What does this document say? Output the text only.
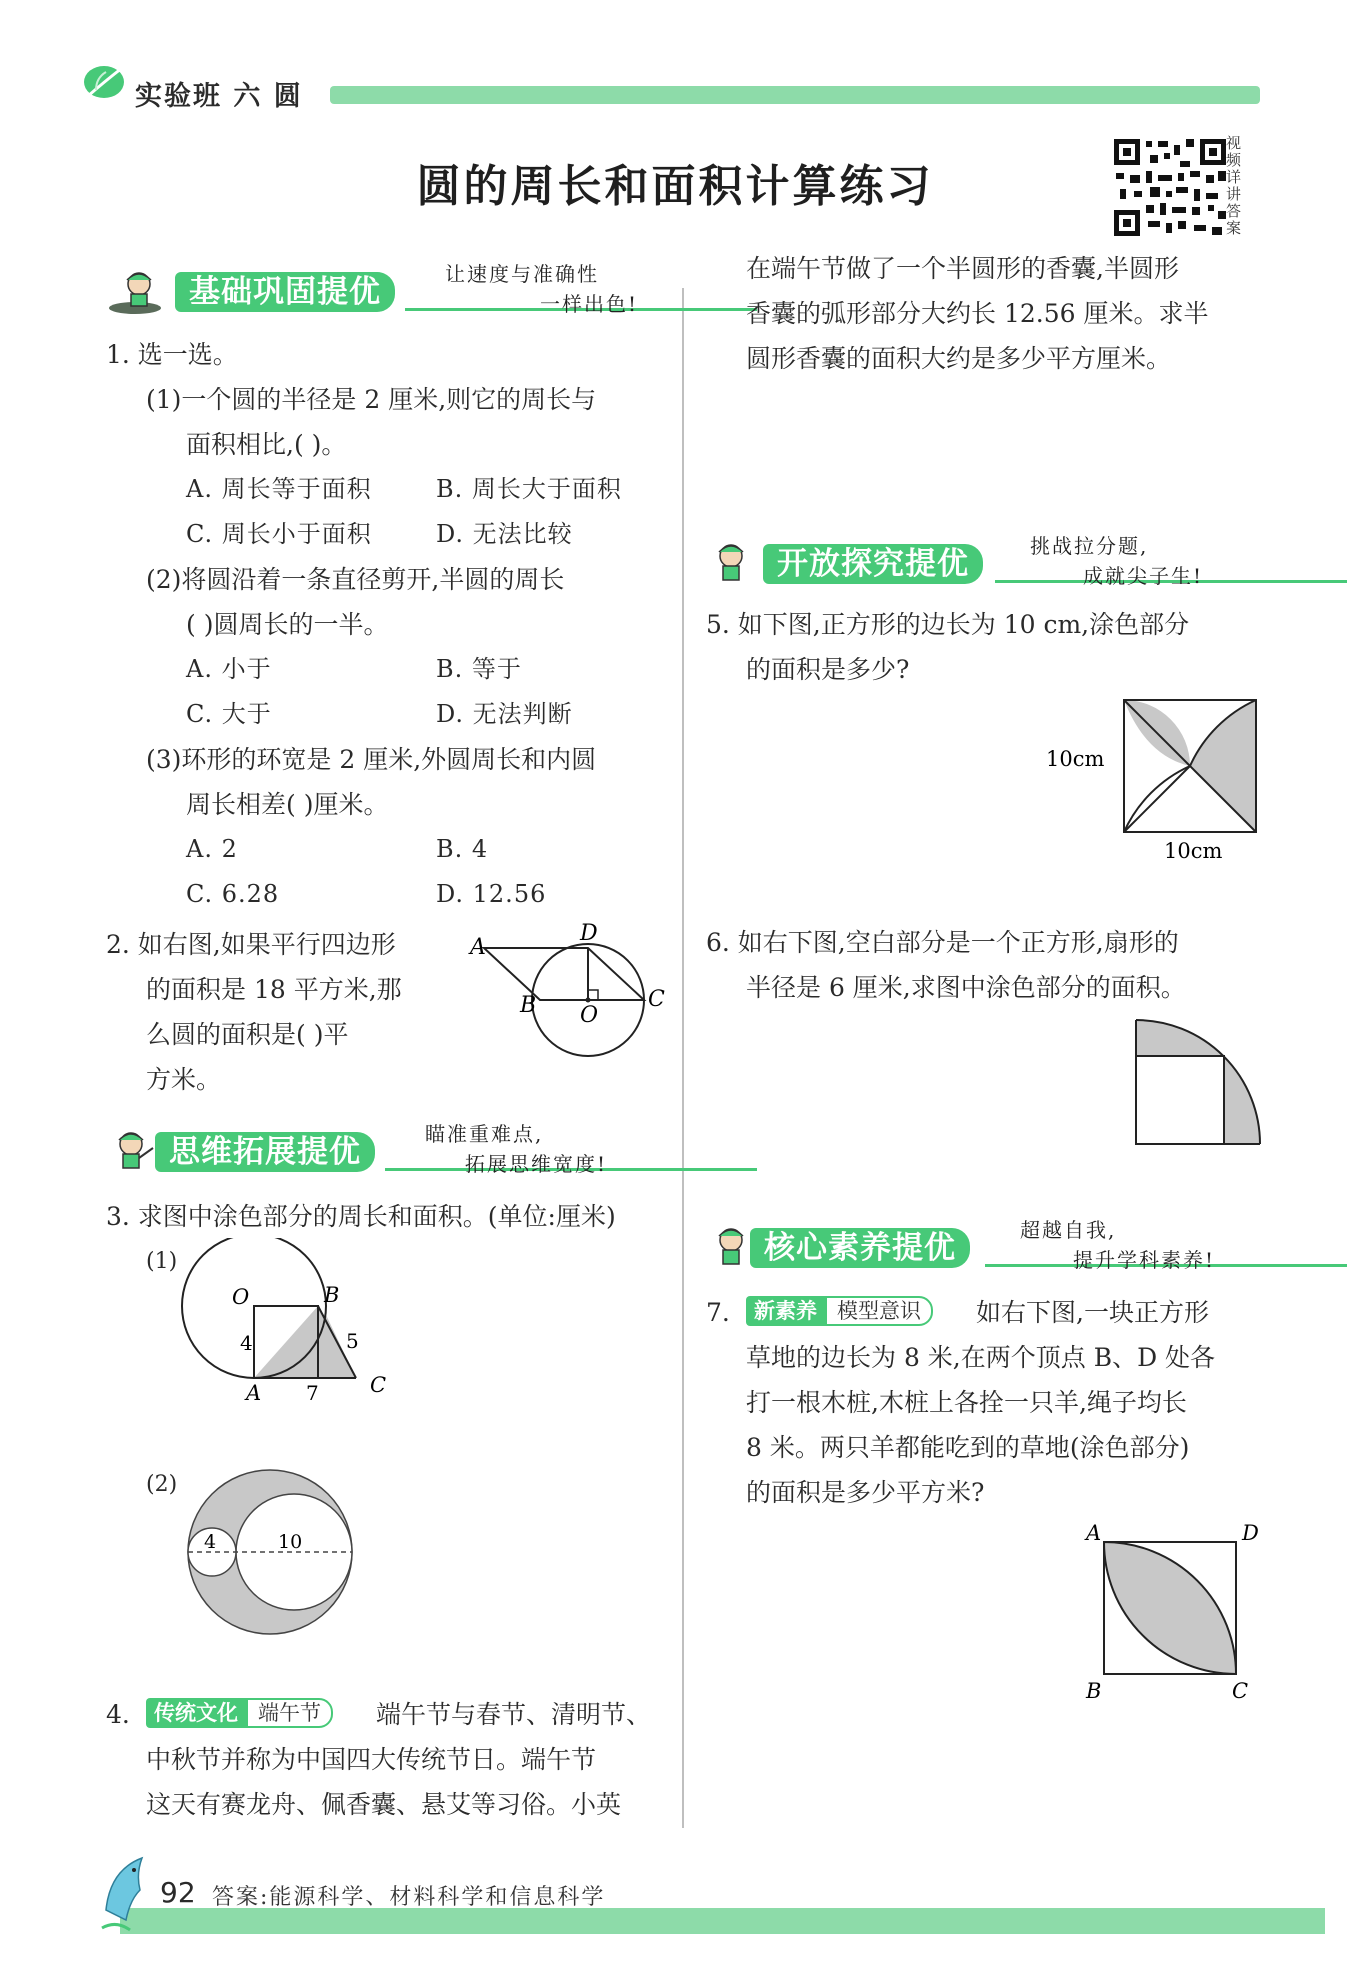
实验班 六 圆
圆的周长和面积计算练习
视频详讲答案
基础巩固提优	让速度与准确性
一样出色!
1. 选一选。
(1)一个圆的半径是 2 厘米,则它的周长与
面积相比,( )。
A. 周长等于面积	B. 周长大于面积
C. 周长小于面积	D. 无法比较
(2)将圆沿着一条直径剪开,半圆的周长
( )圆周长的一半。
A. 小于	B. 等于
C. 大于	D. 无法判断
(3)环形的环宽是 2 厘米,外圆周长和内圆
周长相差( )厘米。
A. 2	B. 4
C. 6.28	D. 12.56
2. 如右图,如果平行四边形
的面积是 18 平方米,那
么圆的面积是( )平
方米。
A
D
B O
C
思维拓展提优	瞄准重难点,
拓展思维宽度!
3. 求图中涂色部分的周长和面积。(单位:厘米)
(1)
O	B
4	5
A 7 C
(2)
4	10
4.	传统文化 端午节	端午节与春节、清明节、
中秋节并称为中国四大传统节日。端午节
这天有赛龙舟、佩香囊、悬艾等习俗。小英
在端午节做了一个半圆形的香囊,半圆形
香囊的弧形部分大约长 12.56 厘米。求半
圆形香囊的面积大约是多少平方厘米。
开放探究提优	挑战拉分题,
成就尖子生!
5. 如下图,正方形的边长为 10 cm,涂色部分
的面积是多少?
10cm
10cm
6. 如右下图,空白部分是一个正方形,扇形的
半径是 6 厘米,求图中涂色部分的面积。
核心素养提优	超越自我,
提升学科素养!
7.	新素养 模型意识	如右下图,一块正方形
草地的边长为 8 米,在两个顶点 B、D 处各
打一根木桩,木桩上各拴一只羊,绳子均长
8 米。两只羊都能吃到的草地(涂色部分)
的面积是多少平方米?
A	D
B	C
92 答案:能源科学、材料科学和信息科学
